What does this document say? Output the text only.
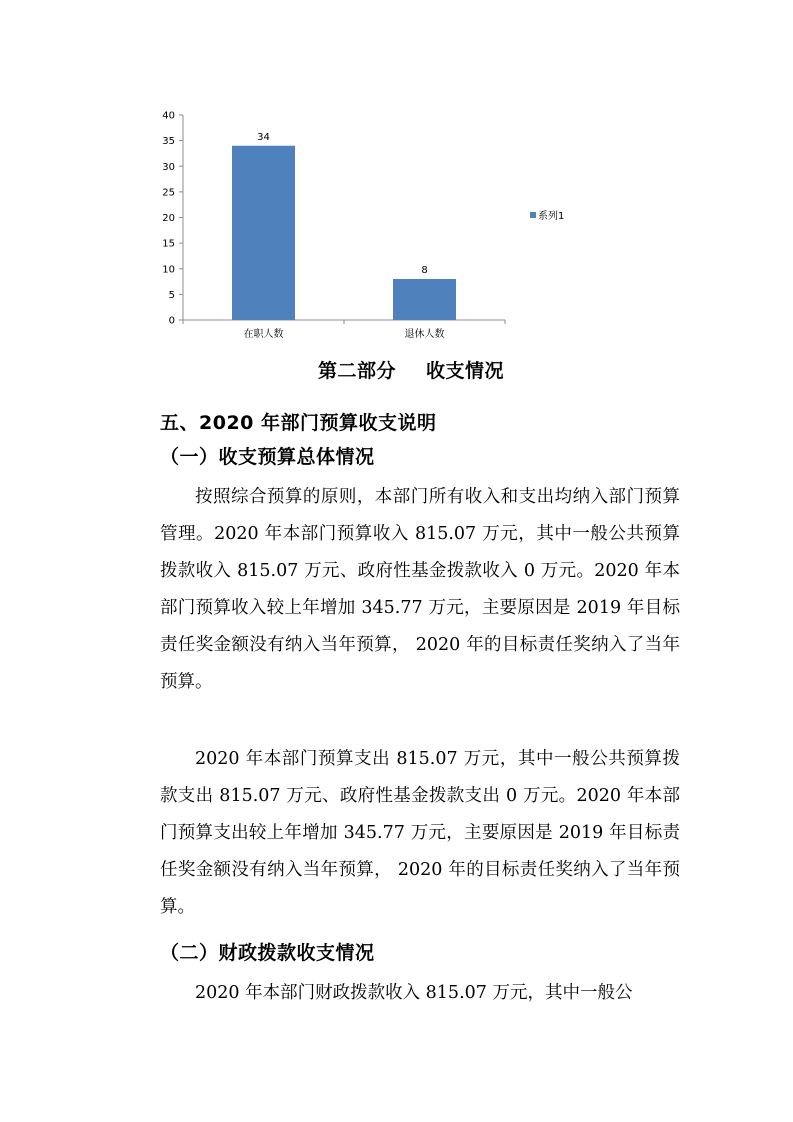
0
5
10
15
20
25
30
35
40
34
在职人数
8
退休人数
系列1
第二部分 收支情况
五、2020 年部门预算收支说明
（一）收支预算总体情况

按照综合预算的原则，本部门所有收入和支出均纳入部门预算管理。2020 年本部门预算收入 815.07 万元，其中一般公共预算拨款收入 815.07 万元、政府性基金拨款收入 0 万元。2020 年本部门预算收入较上年增加 345.77 万元，主要原因是 2019 年目标责任奖金额没有纳入当年预算， 2020 年的目标责任奖纳入了当年预算。

2020 年本部门预算支出 815.07 万元，其中一般公共预算拨款支出 815.07 万元、政府性基金拨款支出 0 万元。2020 年本部门预算支出较上年增加 345.77 万元，主要原因是 2019 年目标责任奖金额没有纳入当年预算， 2020 年的目标责任奖纳入了当年预算。

（二）财政拨款收支情况

2020 年本部门财政拨款收入 815.07 万元，其中一般公
